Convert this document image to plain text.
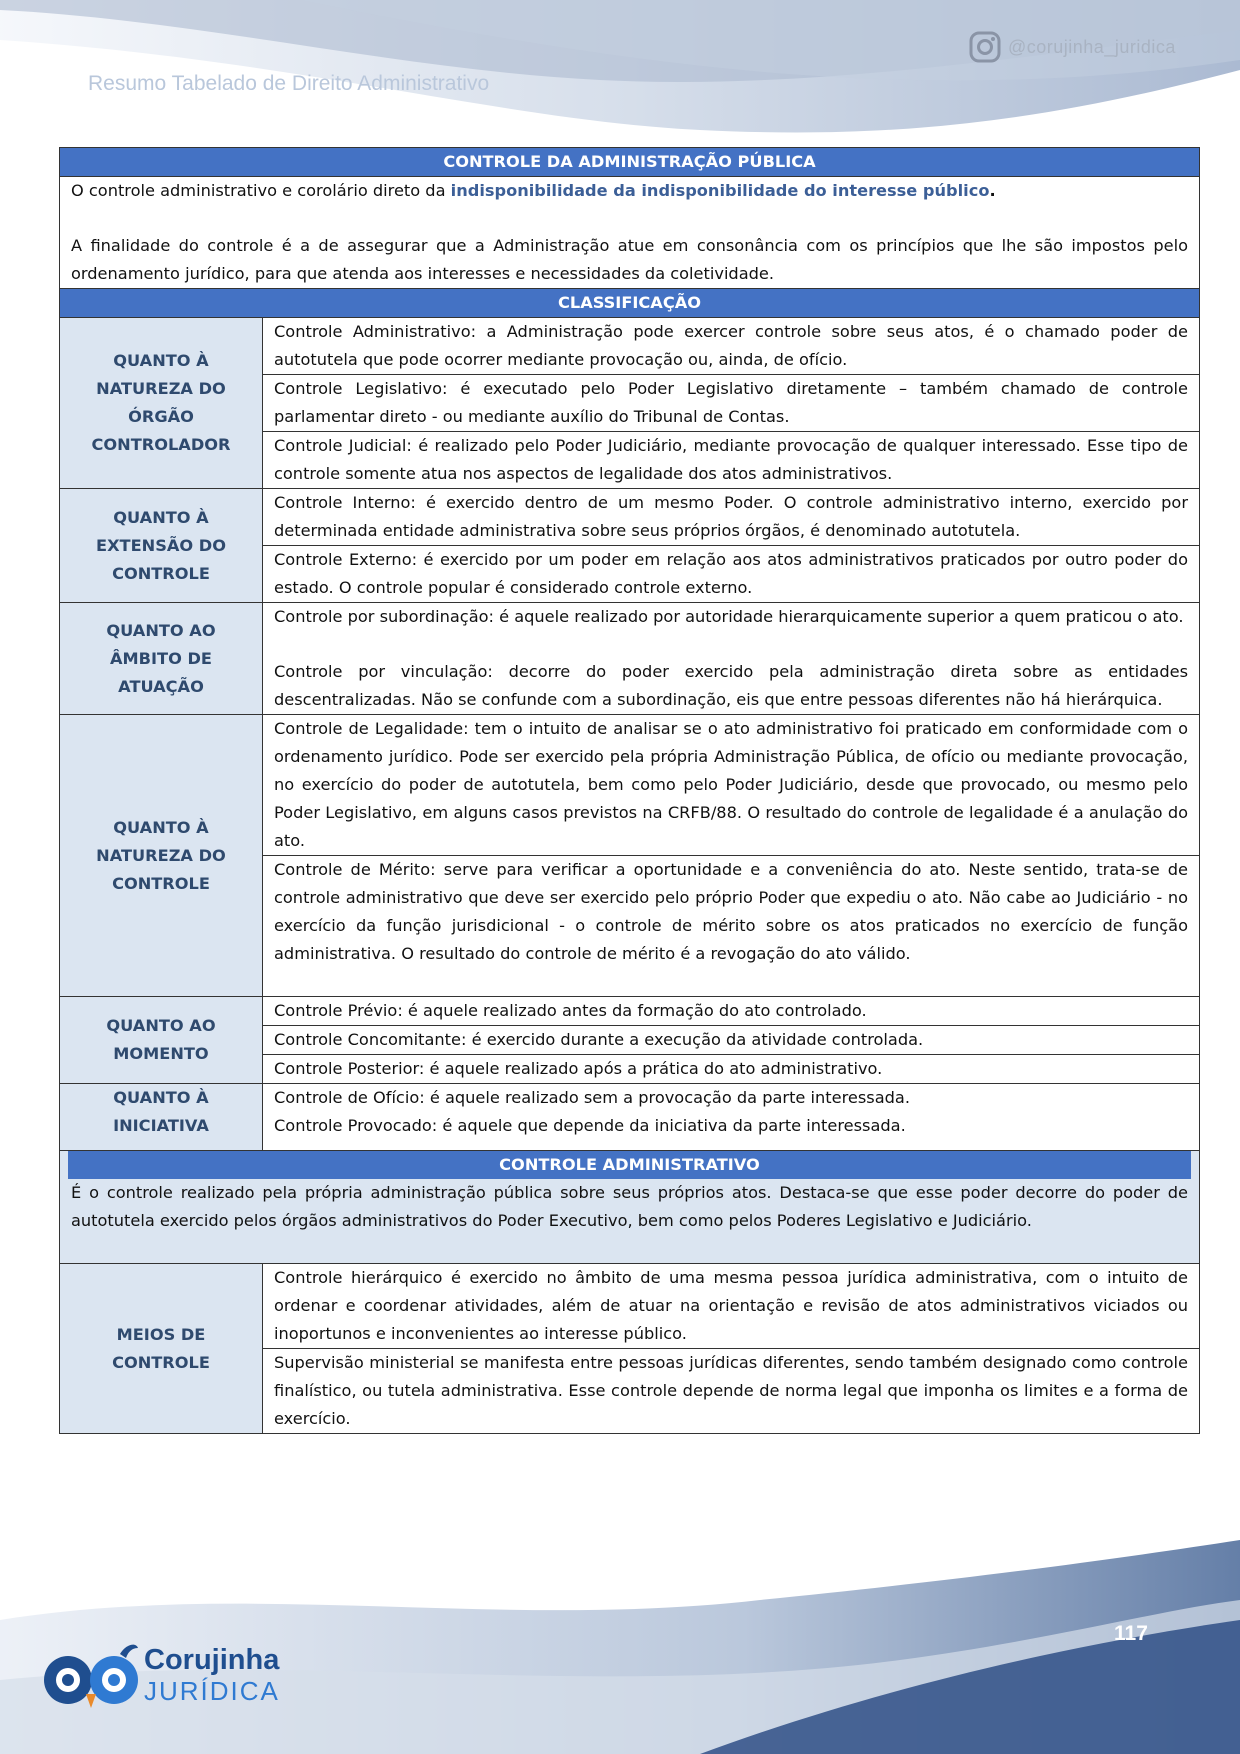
Resumo Tabelado de Direito Administrativo
@corujinha_juridica
CONTROLE DA ADMINISTRAÇÃO PÚBLICA	

O controle administrativo e corolário direto da indisponibilidade da indisponibilidade do interesse público.
A finalidade do controle é a de assegurar que a Administração atue em consonância com os princípios que lhe são impostos pelo ordenamento jurídico, para que atenda aos interesses e necessidades da coletividade.	

CLASSIFICAÇÃO	
QUANTO À NATUREZA DO ÓRGÃO CONTROLADOR	Controle Administrativo: a Administração pode exercer controle sobre seus atos, é o chamado poder de autotutela que pode ocorrer mediante provocação ou, ainda, de ofício.
	Controle Legislativo: é executado pelo Poder Legislativo diretamente – também chamado de controle parlamentar direto - ou mediante auxílio do Tribunal de Contas.
	Controle Judicial: é realizado pelo Poder Judiciário, mediante provocação de qualquer interessado. Esse tipo de controle somente atua nos aspectos de legalidade dos atos administrativos.
QUANTO À EXTENSÃO DO CONTROLE	Controle Interno: é exercido dentro de um mesmo Poder. O controle administrativo interno, exercido por determinada entidade administrativa sobre seus próprios órgãos, é denominado autotutela.
	Controle Externo: é exercido por um poder em relação aos atos administrativos praticados por outro poder do estado. O controle popular é considerado controle externo.
QUANTO AO ÂMBITO DE ATUAÇÃO	Controle por subordinação: é aquele realizado por autoridade hierarquicamente superior a quem praticou o ato.
Controle por vinculação: decorre do poder exercido pela administração direta sobre as entidades descentralizadas. Não se confunde com a subordinação, eis que entre pessoas diferentes não há hierárquica.

QUANTO À NATUREZA DO CONTROLE	Controle de Legalidade: tem o intuito de analisar se o ato administrativo foi praticado em conformidade com o ordenamento jurídico. Pode ser exercido pela própria Administração Pública, de ofício ou mediante provocação, no exercício do poder de autotutela, bem como pelo Poder Judiciário, desde que provocado, ou mesmo pelo Poder Legislativo, em alguns casos previstos na CRFB/88. O resultado do controle de legalidade é a anulação do ato.
	Controle de Mérito: serve para verificar a oportunidade e a conveniência do ato. Neste sentido, trata-se de controle administrativo que deve ser exercido pelo próprio Poder que expediu o ato. Não cabe ao Judiciário - no exercício da função jurisdicional - o controle de mérito sobre os atos praticados no exercício de função administrativa. O resultado do controle de mérito é a revogação do ato válido.
QUANTO AO MOMENTO	Controle Prévio: é aquele realizado antes da formação do ato controlado.
	Controle Concomitante: é exercido durante a execução da atividade controlada.
	Controle Posterior: é aquele realizado após a prática do ato administrativo.
QUANTO À INICIATIVA	Controle de Ofício: é aquele realizado sem a provocação da parte interessada.
Controle Provocado: é aquele que depende da iniciativa da parte interessada.

CONTROLE ADMINISTRATIVO
É o controle realizado pela própria administração pública sobre seus próprios atos. Destaca-se que esse poder decorre do poder de autotutela exercido pelos órgãos administrativos do Poder Executivo, bem como pelos Poderes Legislativo e Judiciário.	

MEIOS DE CONTROLE	Controle hierárquico é exercido no âmbito de uma mesma pessoa jurídica administrativa, com o intuito de ordenar e coordenar atividades, além de atuar na orientação e revisão de atos administrativos viciados ou inoportunos e inconvenientes ao interesse público.
	Supervisão ministerial se manifesta entre pessoas jurídicas diferentes, sendo também designado como controle finalístico, ou tutela administrativa. Esse controle depende de norma legal que imponha os limites e a forma de exercício.
Corujinha
JURÍDICA
117
